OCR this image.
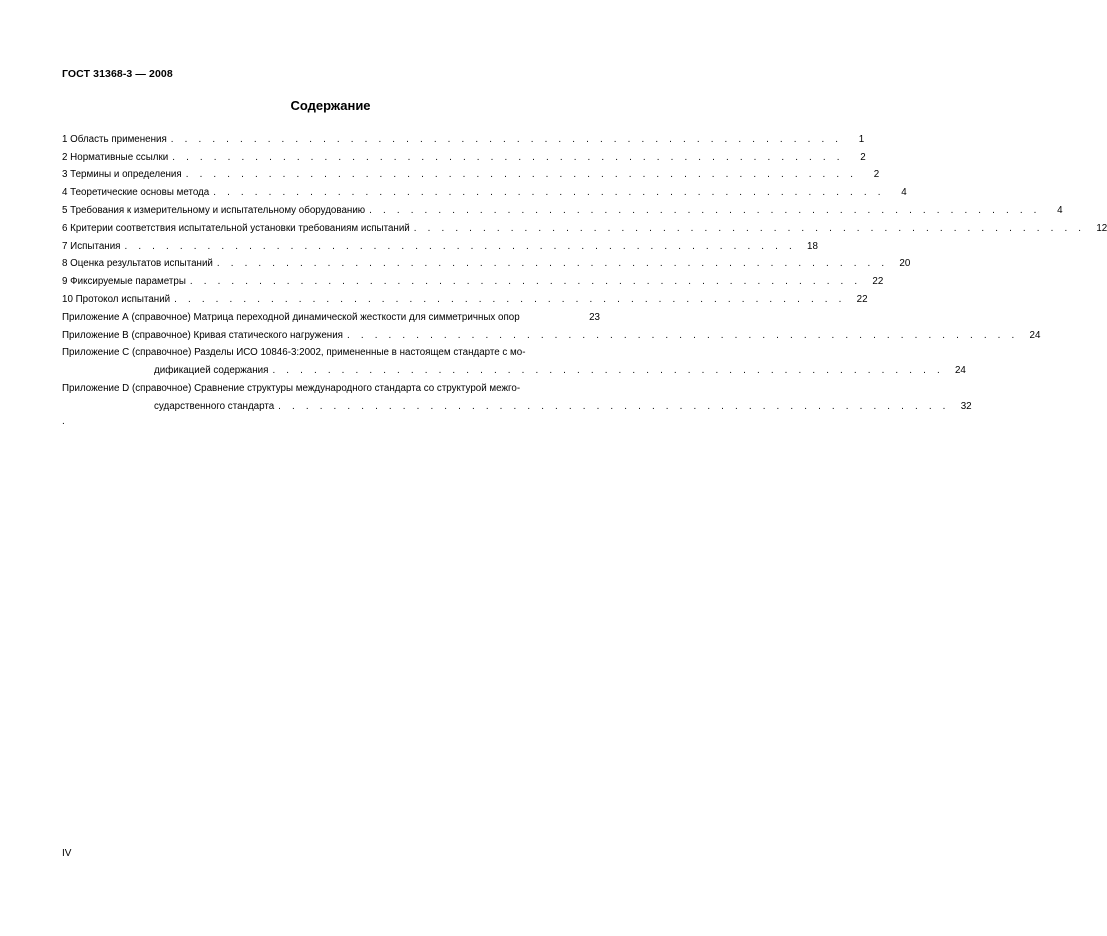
ГОСТ 31368-3 — 2008
Содержание
1 Область применения . . . . . . . . . . . . . . . . . . . . . . . . . . . . . . . . . . . . . . . . . . . . . . . . .	1
2 Нормативные ссылки . . . . . . . . . . . . . . . . . . . . . . . . . . . . . . . . . . . . . . . . . . . . . . . . .	2
3 Термины и определения . . . . . . . . . . . . . . . . . . . . . . . . . . . . . . . . . . . . . . . . . . . . . . . . .	2
4 Теоретические основы метода . . . . . . . . . . . . . . . . . . . . . . . . . . . . . . . . . . . . . . . . . . . . . . . . .	4
5 Требования к измерительному и испытательному оборудованию . . . . . . . . . . . . . . . . . . . . . . . . . . . . . . . . . . . . . . . . . . . . . . . . .	4
6 Критерии соответствия испытательной установки требованиям испытаний . . . . . . . . . . . . . . . . . . . . . . . . . . . . . . . . . . . . . . . . . . . . . . . . .	12
7 Испытания . . . . . . . . . . . . . . . . . . . . . . . . . . . . . . . . . . . . . . . . . . . . . . . . .	18
8 Оценка результатов испытаний . . . . . . . . . . . . . . . . . . . . . . . . . . . . . . . . . . . . . . . . . . . . . . . . .	20
9 Фиксируемые параметры . . . . . . . . . . . . . . . . . . . . . . . . . . . . . . . . . . . . . . . . . . . . . . . . .	22
10 Протокол испытаний . . . . . . . . . . . . . . . . . . . . . . . . . . . . . . . . . . . . . . . . . . . . . . . . .	22
Приложение А (справочное) Матрица переходной динамической жесткости для симметричных опор	23
Приложение В (справочное) Кривая статического нагружения . . . . . . . . . . . . . . . . . . . . . . . . . . . . . . . . . . . . . . . . . . . . . . . . .	24
Приложение С (справочное) Разделы ИСО 10846-3:2002, примененные в настоящем стандарте с мо-
дификацией содержания . . . . . . . . . . . . . . . . . . . . . . . . . . . . . . . . . . . . . . . . . . . . . . . . .	24
Приложение D (справочное) Сравнение структуры международного стандарта со структурой межго-
сударственного стандарта . . . . . . . . . . . . . . . . . . . . . . . . . . . . . . . . . . . . . . . . . . . . . . . . .	32
.
IV
